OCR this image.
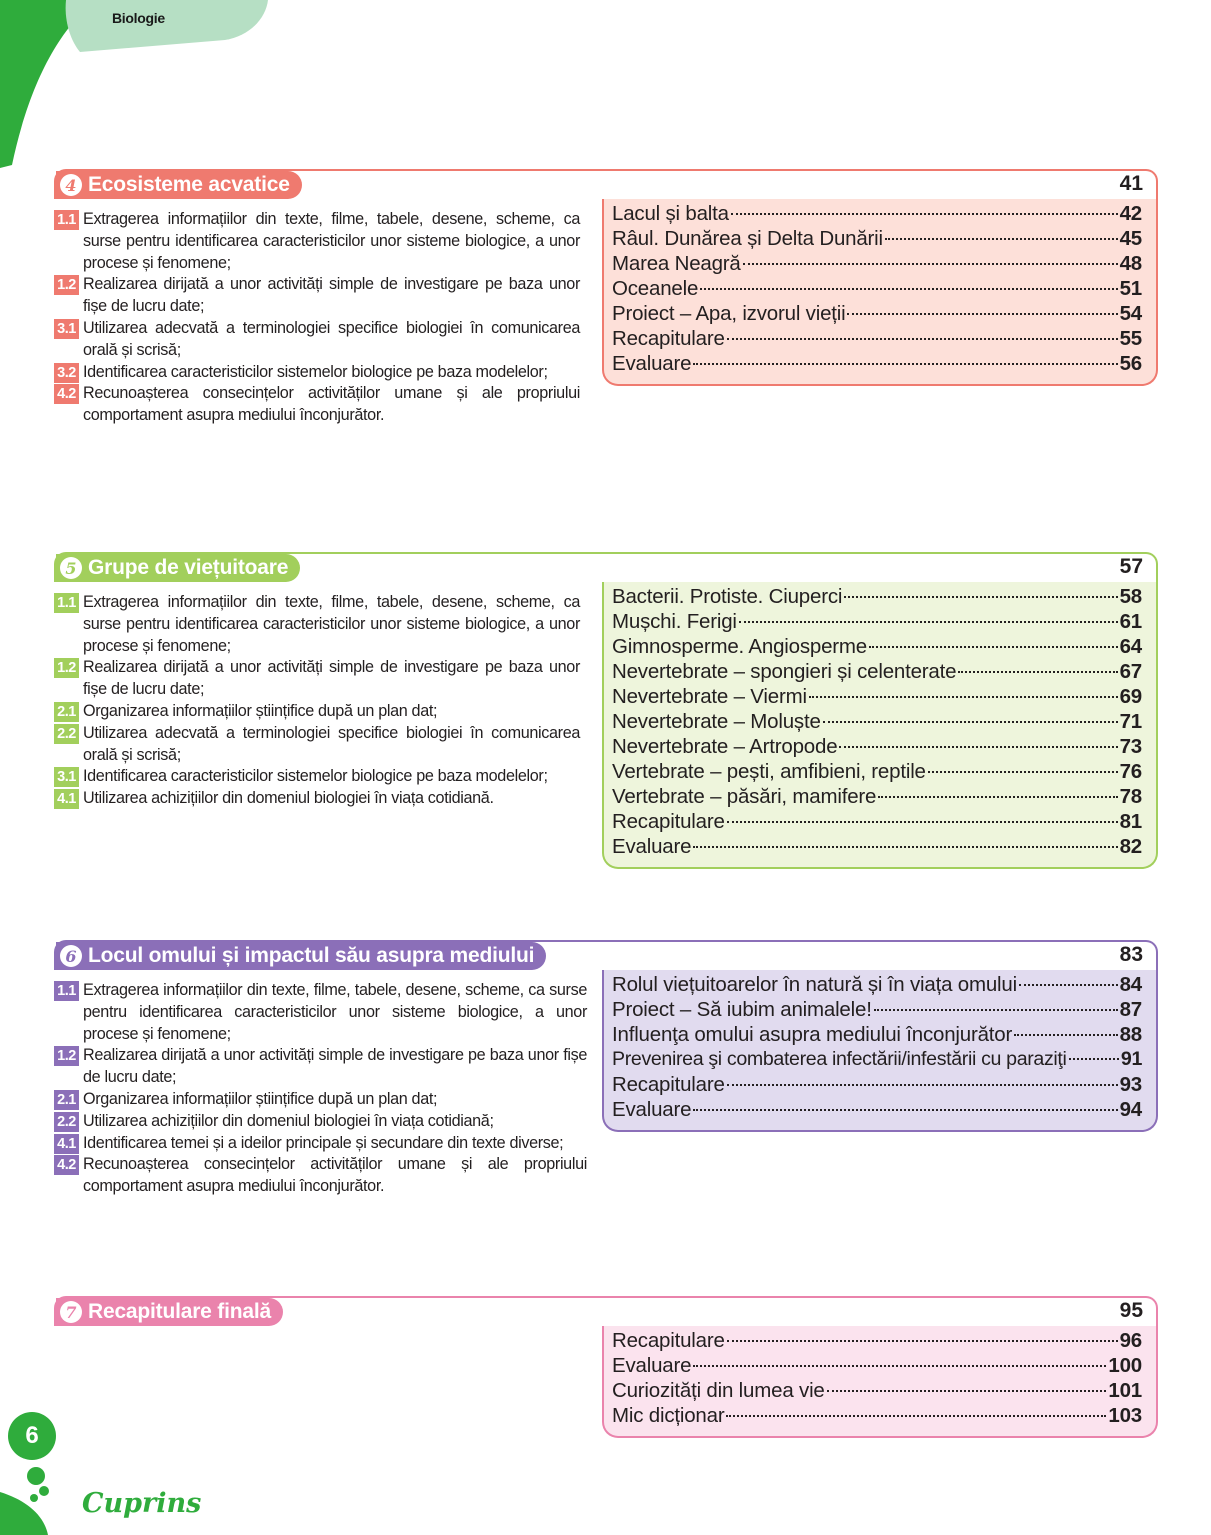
Biologie
4 Ecosisteme acvatice	41
1.1 Extragerea informațiilor din texte, filme, tabele, desene, scheme, ca surse pentru identificarea caracteristicilor unor sisteme biologice, a unor procese și fenomene;
1.2 Realizarea dirijată a unor activități simple de investigare pe baza unor fișe de lucru date;
3.1 Utilizarea adecvată a terminologiei specifice biologiei în comunicarea orală și scrisă;
3.2 Identificarea caracteristicilor sistemelor biologice pe baza modelelor;
4.2 Recunoașterea consecințelor activităților umane și ale propriului comportament asupra mediului înconjurător.
Lacul și balta	42
Râul. Dunărea și Delta Dunării	45
Marea Neagră	48
Oceanele	51
Proiect – Apa, izvorul vieții	54
Recapitulare	55
Evaluare	56
5 Grupe de viețuitoare	57
1.1 Extragerea informațiilor din texte, filme, tabele, desene, scheme, ca surse pentru identificarea caracteristicilor unor sisteme biologice, a unor procese și fenomene;
1.2 Realizarea dirijată a unor activități simple de investigare pe baza unor fișe de lucru date;
2.1 Organizarea informațiilor științifice după un plan dat;
2.2 Utilizarea adecvată a terminologiei specifice biologiei în comunicarea orală și scrisă;
3.1 Identificarea caracteristicilor sistemelor biologice pe baza modelelor;
4.1 Utilizarea achizițiilor din domeniul biologiei în viața cotidiană.
Bacterii. Protiste. Ciuperci	58
Mușchi. Ferigi	61
Gimnosperme. Angiosperme	64
Nevertebrate – spongieri și celenterate	67
Nevertebrate – Viermi	69
Nevertebrate – Moluște	71
Nevertebrate – Artropode	73
Vertebrate – pești, amfibieni, reptile	76
Vertebrate – păsări, mamifere	78
Recapitulare	81
Evaluare	82
6 Locul omului și impactul său asupra mediului	83
1.1 Extragerea informațiilor din texte, filme, tabele, desene, scheme, ca surse pentru identificarea caracteristicilor unor sisteme biologice, a unor procese și fenomene;
1.2 Realizarea dirijată a unor activități simple de investigare pe baza unor fișe de lucru date;
2.1 Organizarea informațiilor științifice după un plan dat;
2.2 Utilizarea achizițiilor din domeniul biologiei în viața cotidiană;
4.1 Identificarea temei și a ideilor principale și secundare din texte diverse;
4.2 Recunoașterea consecințelor activităților umane și ale propriului comportament asupra mediului înconjurător.
Rolul viețuitoarelor în natură și în viața omului	84
Proiect – Să iubim animalele!	87
Influenţa omului asupra mediului înconjurător	88
Prevenirea şi combaterea infectării/infestării cu paraziţi	91
Recapitulare	93
Evaluare	94
7 Recapitulare finală	95
Recapitulare	96
Evaluare	100
Curiozități din lumea vie	101
Mic dicționar	103
6
Cuprins
